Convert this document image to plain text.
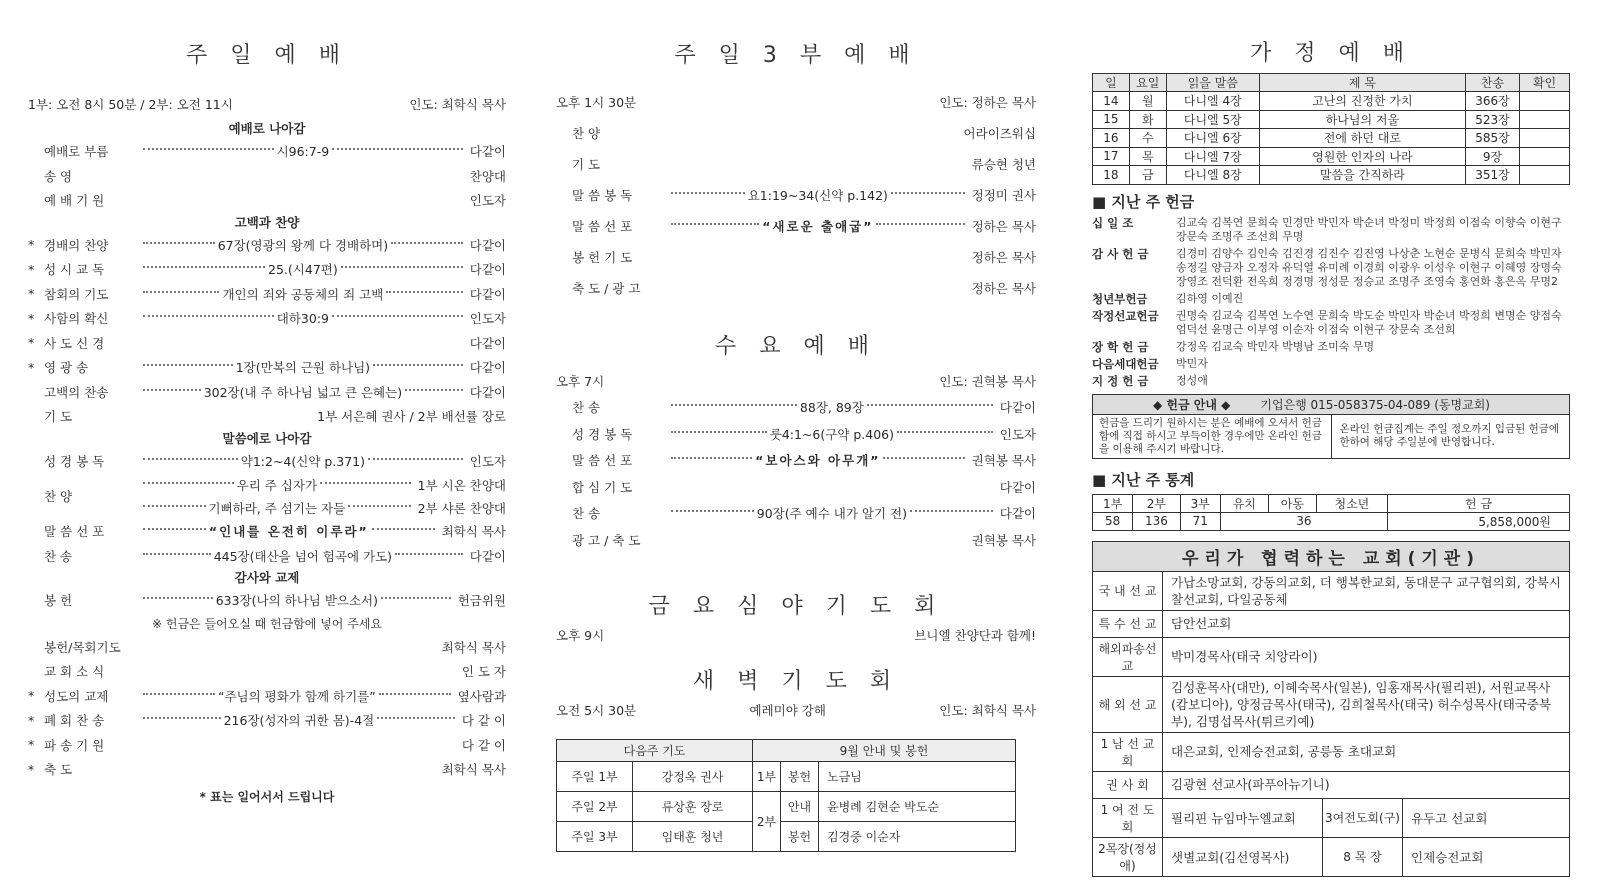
주 일 예 배
1부: 오전 8시 50분 / 2부: 오전 11시	인도: 최학식 목사
예배로 나아감
예배로 부름	시96:7-9	다같이
송 영	찬양대
예 배 기 원	인도자
고백과 찬양
* 경배의 찬양	67장(영광의 왕께 다 경배하며)	다같이
* 성 시 교 독	25.(시47편)	다같이
* 참회의 기도	개인의 죄와 공동체의 죄 고백	다같이
* 사함의 확신	대하30:9	인도자
* 사 도 신 경	다같이
* 영 광 송	1장(만복의 근원 하나님)	다같이
고백의 찬송	302장(내 주 하나님 넓고 큰 은혜는)	다같이
기 도	1부 서은혜 권사 / 2부 배선률 장로
말씀에로 나아감
성 경 봉 독	약1:2~4(신약 p.371)	인도자
찬 양
우리 주 십자가	1부 시온 찬양대
기뻐하라, 주 섬기는 자들	2부 샤론 찬양대
말 씀 선 포	“인내를 온전히 이루라”	최학식 목사
찬 송	445장(태산을 넘어 험곡에 가도)	다같이
감사와 교제
봉 헌	633장(나의 하나님 받으소서)	헌금위원
※ 헌금은 들어오실 때 헌금함에 넣어 주세요
봉헌/목회기도	최학식 목사
교 회 소 식	인 도 자
* 성도의 교제	“주님의 평화가 함께 하기를”	옆사람과
* 폐 회 찬 송	216장(성자의 귀한 몸)-4절	다 같 이
* 파 송 기 원	다 같 이
* 축 도	최학식 목사
* 표는 일어서서 드립니다
주 일 3 부 예 배
오후 1시 30분	인도: 정하은 목사
찬 양	어라이즈워십
기 도	류승현 청년
말 씀 봉 독	요1:19~34(신약 p.142)	정정미 권사
말 씀 선 포	“새로운 출애굽”	정하은 목사
봉 헌 기 도	정하은 목사
축 도 / 광 고	정하은 목사
수 요 예 배
오후 7시	인도: 권혁봉 목사
찬 송	88장, 89장	다같이
성 경 봉 독	룻4:1~6(구약 p.406)	인도자
말 씀 선 포	“보아스와 아무개”	권혁봉 목사
합 심 기 도	다같이
찬 송	90장(주 예수 내가 알기 전)	다같이
광 고 / 축 도	권혁봉 목사
금 요 심 야 기 도 회
오후 9시	브니엘 찬양단과 함께!
새 벽 기 도 회
오전 5시 30분	예레미야 강해	인도: 최학식 목사
다음주 기도		9월 안내 및 봉헌		
주일 1부	강정옥 권사	1부	봉헌	노금님
주일 2부	류상훈 장로	2부	안내	윤병례 김현순 박도순
주일 3부	임태훈 청년		봉헌	김경중 이순자
가 정 예 배
일	요일	읽을 말씀	제 목	찬송	확인
14	월	다니엘 4장	고난의 진정한 가치	366장	
15	화	다니엘 5장	하나님의 저울	523장	
16	수	다니엘 6장	전에 하던 대로	585장	
17	목	다니엘 7장	영원한 인자의 나라	9장	
18	금	다니엘 8장	말씀을 간직하라	351장	
■ 지난 주 헌금
십 일 조	김교숙 김복연 문희숙 민경만 박민자 박순녀 박정미 박정희 이점숙 이향숙 이현구 장문숙 조명주 조선희 무명
감 사 헌 금	김경미 김양수 김인숙 김진경 김진수 김진영 나상춘 노현순 문병식 문희숙 박민자 송정길 양금자 오정자 유덕열 유미례 이경희 이광우 이성우 이현구 이혜영 장명숙 장영조 전덕환 전옥희 정경명 정성문 정승교 조명주 조영숙 홍연화 홍은옥 무명2
청년부헌금	김하영 이예진
작정선교헌금	권명숙 김교숙 김복연 노수연 문희숙 박도순 박민자 박순녀 박정희 변명순 양점숙 엄덕선 윤명근 이부영 이순자 이점숙 이현구 장문숙 조선희
장 학 헌 금	강정옥 김교숙 박민자 박병남 조미숙 무명
다음세대헌금	박민자
지 정 헌 금	정성애
◆ 헌금 안내 ◆	기업은행 015-058375-04-089 (동명교회)
헌금을 드리기 원하시는 분은 예배에 오셔서 헌금함에 직접 하시고 부득이한 경우에만 온라인 헌금을 이용해 주시기 바랍니다.	온라인 헌금집계는 주일 정오까지 입금된 헌금에 한하여 해당 주일분에 반영합니다.
■ 지난 주 통계
1부	2부	3부	유치	아동	청소년	헌 금
58	136	71	36			5,858,000원
우리가 협력하는 교회(기관)			
국 내 선 교	가납소망교회, 강동의교회, 더 행복한교회, 동대문구 교구협의회, 강북시찰선교회, 다일공동체		
특 수 선 교	담안선교회		
해외파송선교	박미경목사(태국 치앙라이)		
해 외 선 교	김성훈목사(대만), 이혜숙목사(일본), 임홍재목사(필리핀), 서원교목사(캄보디아), 양정금목사(태국), 김희철목사(태국) 허수성목사(태국중북부), 김명섭목사(튀르키예)		
1 남 선 교 회	대은교회, 인제승전교회, 공릉동 초대교회		
권 사 회	김광현 선교사(파푸아뉴기니)		
1 여 전 도 회	필리핀 뉴임마누엘교회	3여전도회(구)	유두고 선교회
2목장(정성애)	샛별교회(김선영목사)	8 목 장	인제승전교회
